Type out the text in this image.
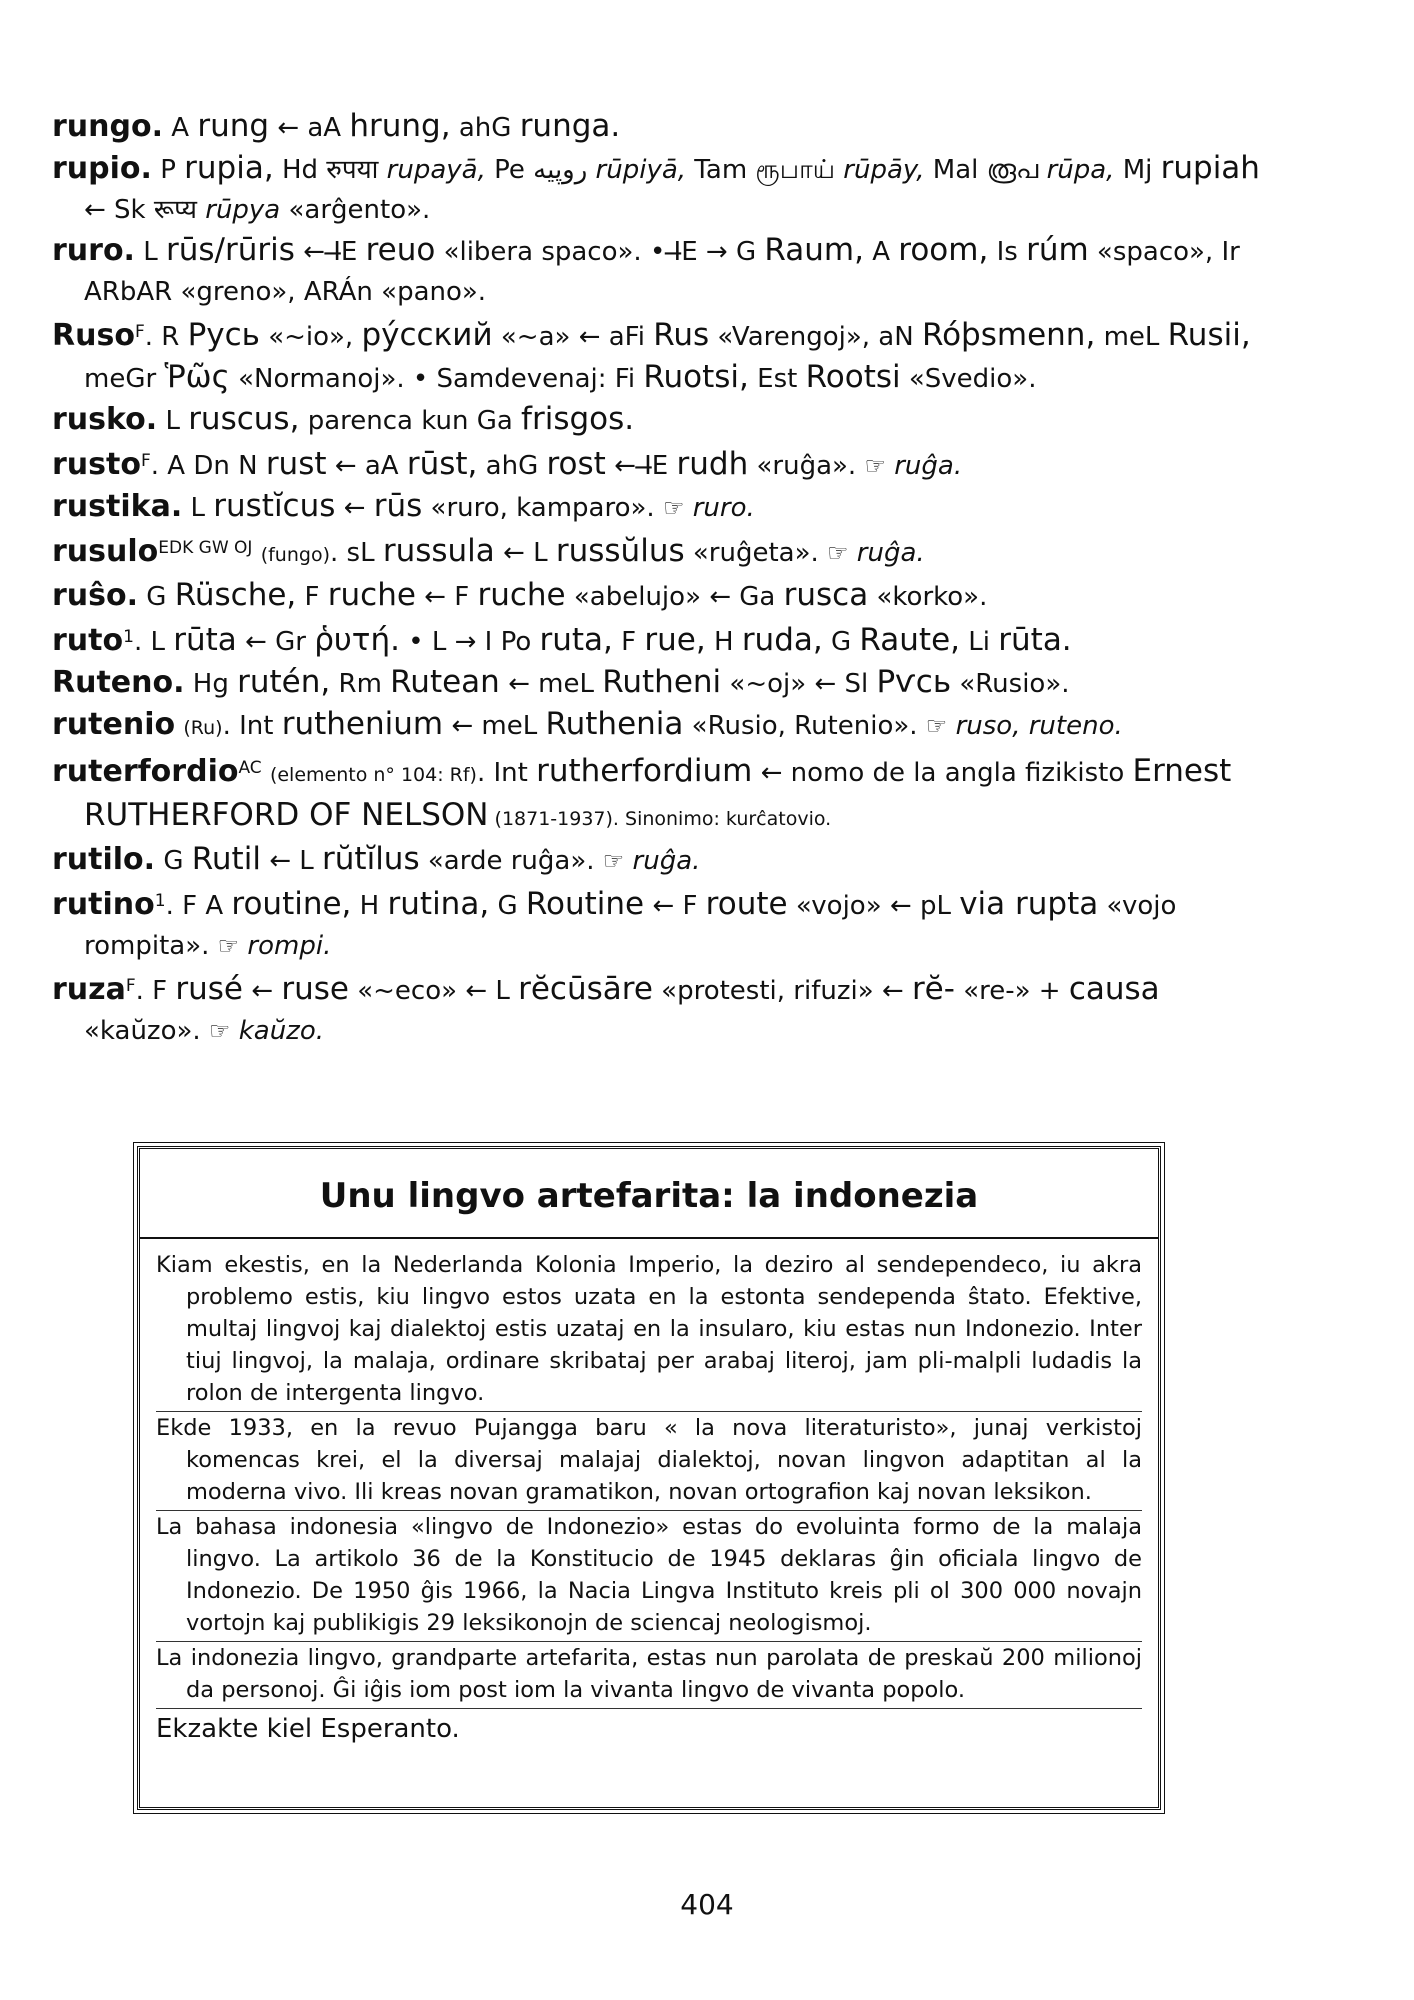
rungo. A rung ← aA hrung, ahG runga.

rupio. P rupia, Hd रुपया rupayā, Pe روپیه rūpiyā, Tam ரூபாய் rūpāy, Mal രൂപ rūpa, Mj rupiah ← Sk रूप्य rūpya «arĝento».

ruro. L rūs/rūris ← I̶E reuo «libera spaco». • I̶E → G Raum, A room, Is rúm «spaco», Ir ARbAR «greno», ARÁn «pano».

Ruso$^F$. R Русь «~io», ру́сский «~a» ← aFi Rus «Varengoj», aN Róþsmenn, meL Rusii, meGr Ῥῶς «Normanoj». • Samdevenaj: Fi Ruotsi, Est Rootsi «Svedio».

rusko. L ruscus, parenca kun Ga frisgos.

rusto$^F$. A Dn N rust ← aA rūst, ahG rost ← I̶E rudh «ruĝa». ☞ ruĝa.

rustika. L rustĭcus ← rūs «ruro, kamparo». ☞ ruro.

rusulo$^{EDK GW OJ}$ (fungo). sL russula ← L russŭlus «ruĝeta». ☞ ruĝa.

ruŝo. G Rüsche, F ruche ← F ruche «abelujo» ← Ga rusca «korko».

ruto$^1$. L rūta ← Gr ῥυτή. • L → I Po ruta, F rue, H ruda, G Raute, Li rūta.

Ruteno. Hg rutén, Rm Rutean ← meL Rutheni «~oj» ← Sl Рѵсь «Rusio».

rutenio (Ru). Int ruthenium ← meL Ruthenia «Rusio, Rutenio». ☞ ruso, ruteno.

ruterfordio$^{AC}$ (elemento n° 104: Rf). Int rutherfordium ← nomo de la angla fizikisto Ernest RUTHERFORD OF NELSON (1871-1937). Sinonimo: kurĉatovio.

rutilo. G Rutil ← L rŭtĭlus «arde ruĝa». ☞ ruĝa.

rutino$^1$. F A routine, H rutina, G Routine ← F route «vojo» ← pL via rupta «vojo rompita». ☞ rompi.

ruza$^F$. F rusé ← ruse «~eco» ← L rĕcūsāre «protesti, rifuzi» ← rĕ- «re-» + causa «kaŭzo». ☞ kaŭzo.

Unu lingvo artefarita: la indonezia

Kiam ekestis, en la Nederlanda Kolonia Imperio, la deziro al sendependeco, iu akra problemo estis, kiu lingvo estos uzata en la estonta sendependa ŝtato. Efektive, multaj lingvoj kaj dialektoj estis uzataj en la insularo, kiu estas nun Indonezio. Inter tiuj lingvoj, la malaja, ordinare skribataj per arabaj literoj, jam pli-malpli ludadis la rolon de intergenta lingvo.

Ekde 1933, en la revuo Pujangga baru « la nova literaturisto», junaj verkistoj komencas krei, el la diversaj malajaj dialektoj, novan lingvon adaptitan al la moderna vivo. Ili kreas novan gramatikon, novan ortografion kaj novan leksikon.

La bahasa indonesia «lingvo de Indonezio» estas do evoluinta formo de la malaja lingvo. La artikolo 36 de la Konstitucio de 1945 deklaras ĝin oficiala lingvo de Indonezio. De 1950 ĝis 1966, la Nacia Lingva Instituto kreis pli ol 300 000 novajn vortojn kaj publikigis 29 leksikonojn de sciencaj neologismoj.

La indonezia lingvo, grandparte artefarita, estas nun parolata de preskaŭ 200 milionoj da personoj. Ĝi iĝis iom post iom la vivanta lingvo de vivanta popolo.

Ekzakte kiel Esperanto.

404
